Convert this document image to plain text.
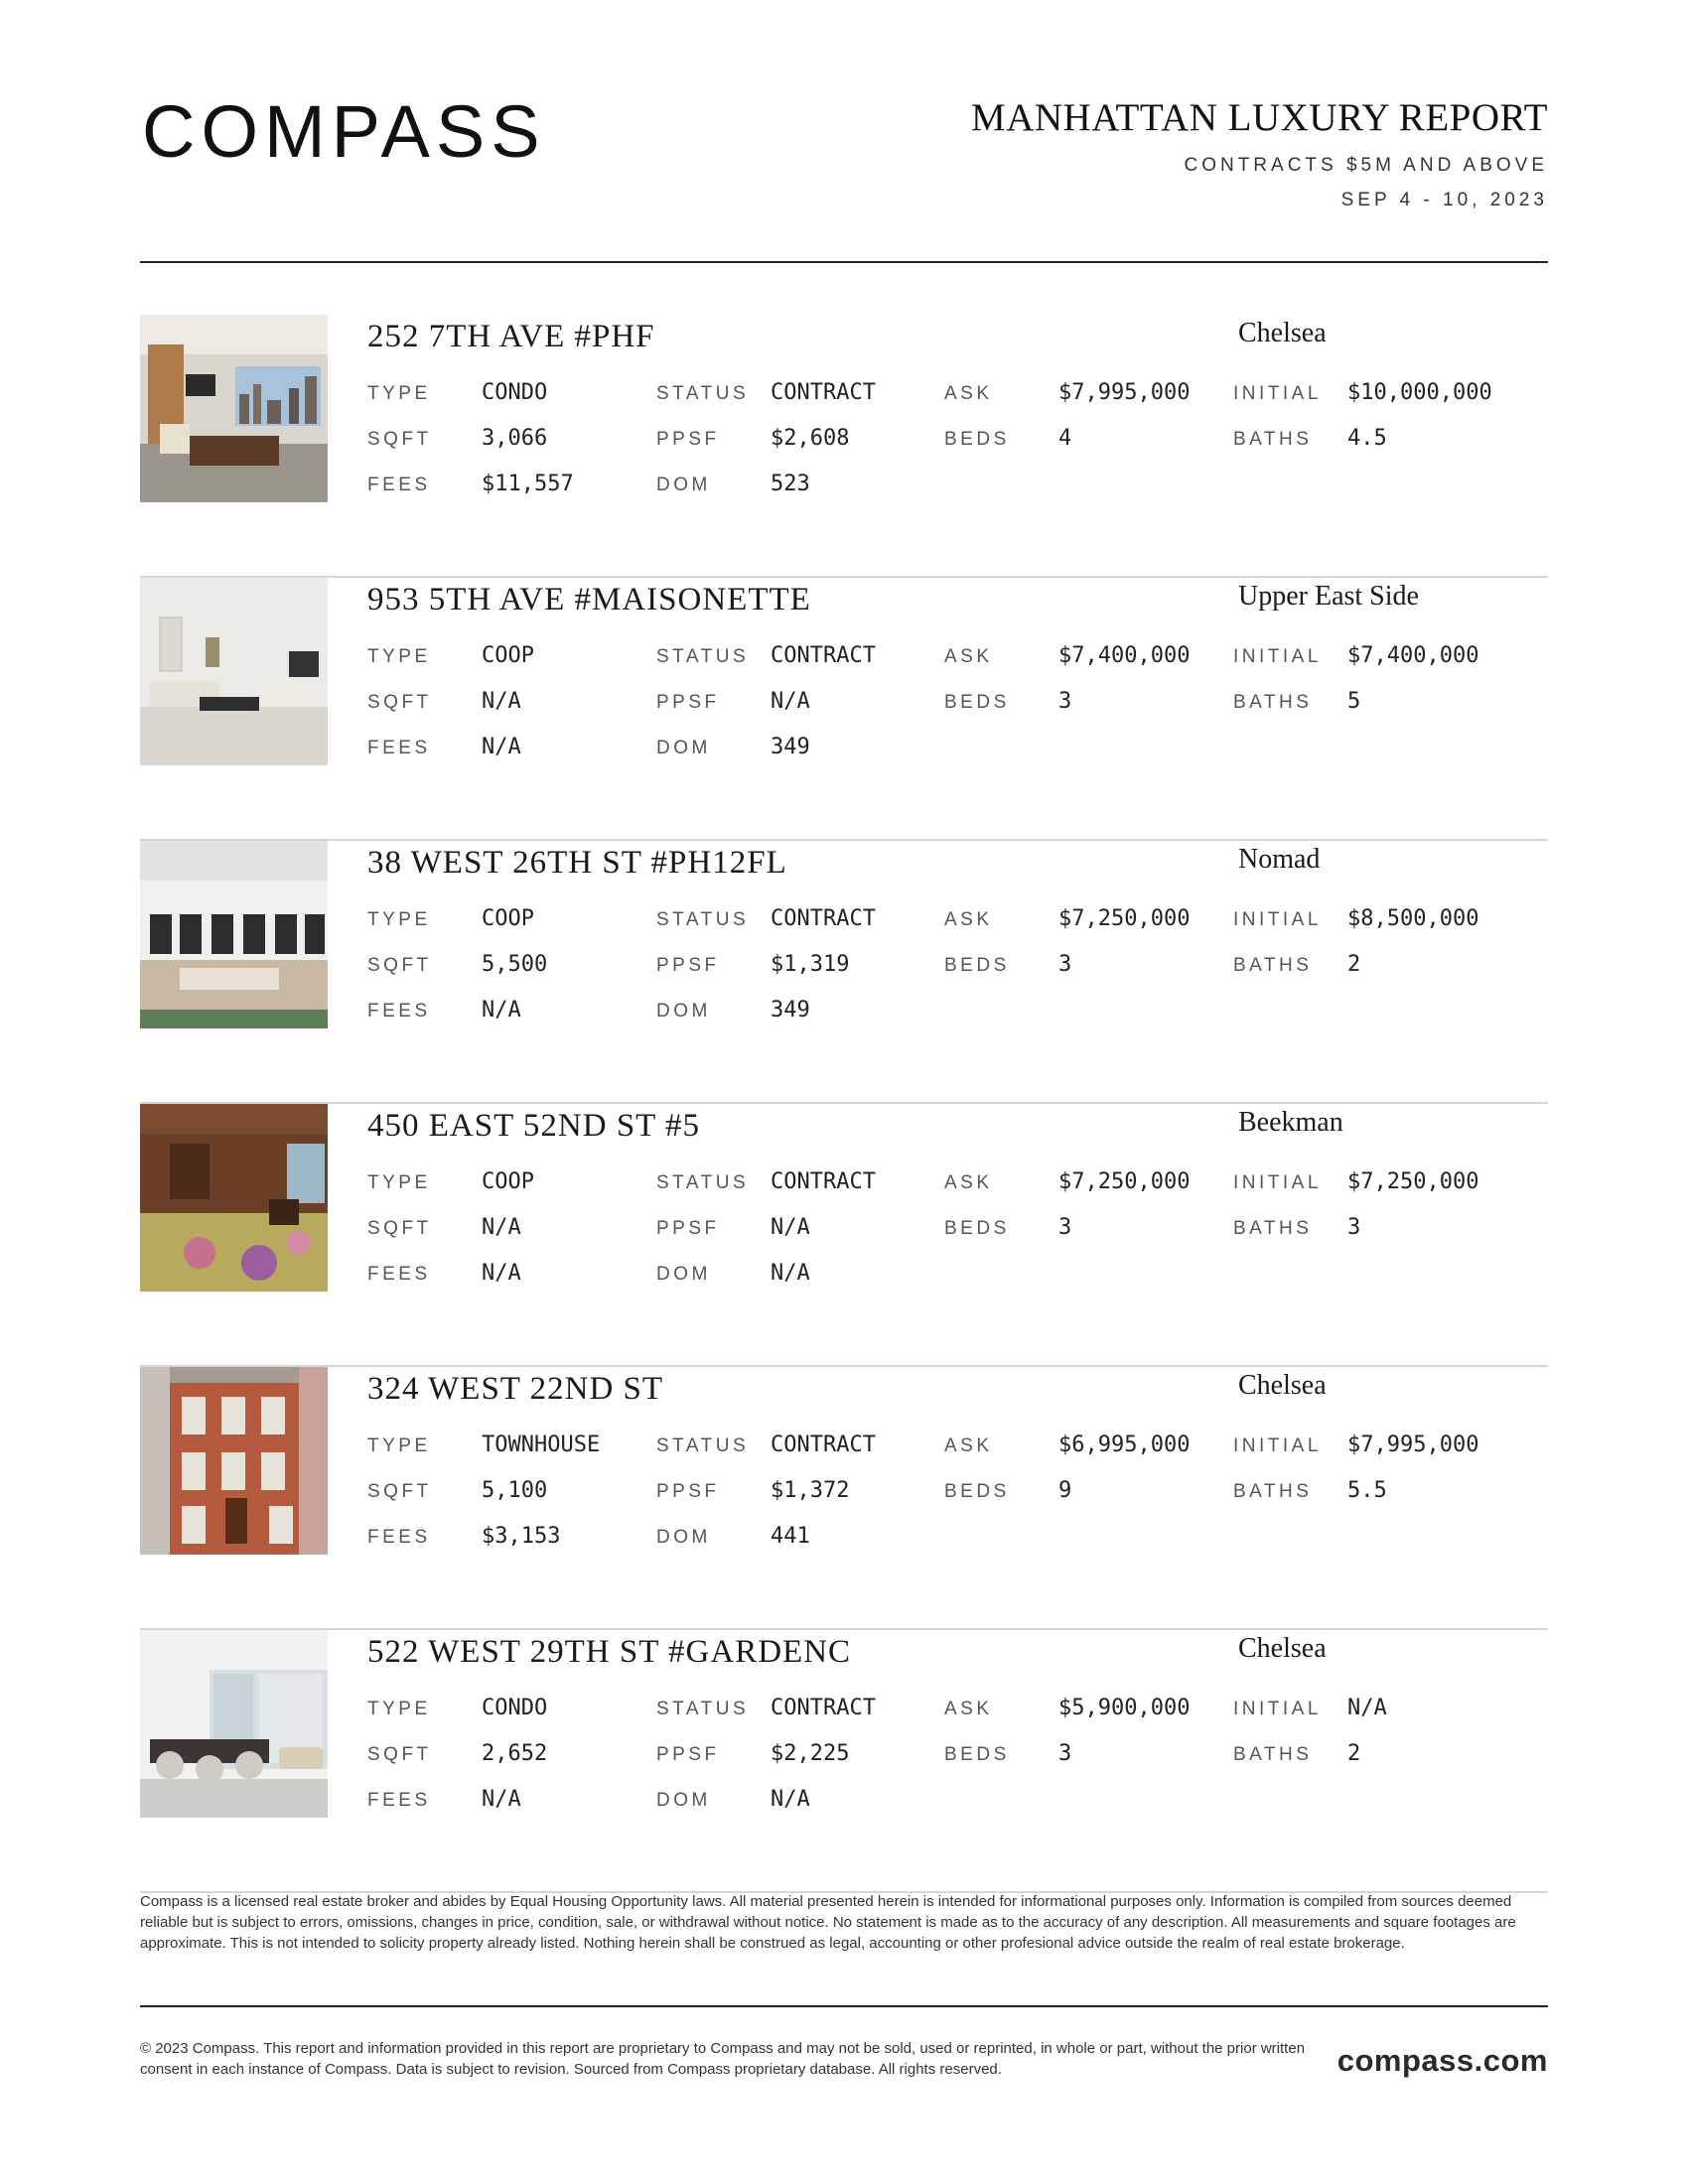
COMPASS	MANHATTAN LUXURY REPORT
CONTRACTS $5M AND ABOVE
SEP 4 - 10, 2023
252 7TH AVE #PHF	Chelsea
TYPE CONDO	STATUS CONTRACT	ASK	$7,995,000 INITIAL $10,000,000
SQFT 3,066	PPSF $2,608	BEDS 4	BATHS 4.5
FEES $11,557	DOM	523
953 5TH AVE #MAISONETTE	Upper East Side
TYPE COOP	STATUS CONTRACT	ASK	$7,400,000 INITIAL $7,400,000
SQFT N/A	PPSF N/A	BEDS 3	BATHS 5
FEES N/A	DOM	349
38 WEST 26TH ST #PH12FL	Nomad
TYPE COOP	STATUS CONTRACT	ASK	$7,250,000 INITIAL $8,500,000
SQFT 5,500	PPSF $1,319	BEDS 3	BATHS 2
FEES N/A	DOM	349
450 EAST 52ND ST #5	Beekman
TYPE COOP	STATUS CONTRACT	ASK	$7,250,000 INITIAL $7,250,000
SQFT N/A	PPSF N/A	BEDS 3	BATHS 3
FEES N/A	DOM	N/A
324 WEST 22ND ST	Chelsea
TYPE TOWNHOUSE	STATUS CONTRACT	ASK	$6,995,000 INITIAL $7,995,000
SQFT 5,100	PPSF $1,372	BEDS 9	BATHS 5.5
FEES $3,153	DOM	441
522 WEST 29TH ST #GARDENC	Chelsea
TYPE CONDO	STATUS CONTRACT	ASK	$5,900,000 INITIAL N/A
SQFT 2,652	PPSF $2,225	BEDS 3	BATHS 2
FEES N/A	DOM	N/A
Compass is a licensed real estate broker and abides by Equal Housing Opportunity laws. All material presented herein is intended for informational purposes only. Information is compiled from sources deemed reliable but is subject to errors, omissions, changes in price, condition, sale, or withdrawal without notice. No statement is made as to the accuracy of any description. All measurements and square footages are approximate. This is not intended to solicity property already listed. Nothing herein shall be construed as legal, accounting or other profesional advice outside the realm of real estate brokerage.
© 2023 Compass. This report and information provided in this report are proprietary to Compass and may not be sold, used or reprinted, in whole or part, without the prior written consent in each instance of Compass. Data is subject to revision. Sourced from Compass proprietary database. All rights reserved.	compass.com
